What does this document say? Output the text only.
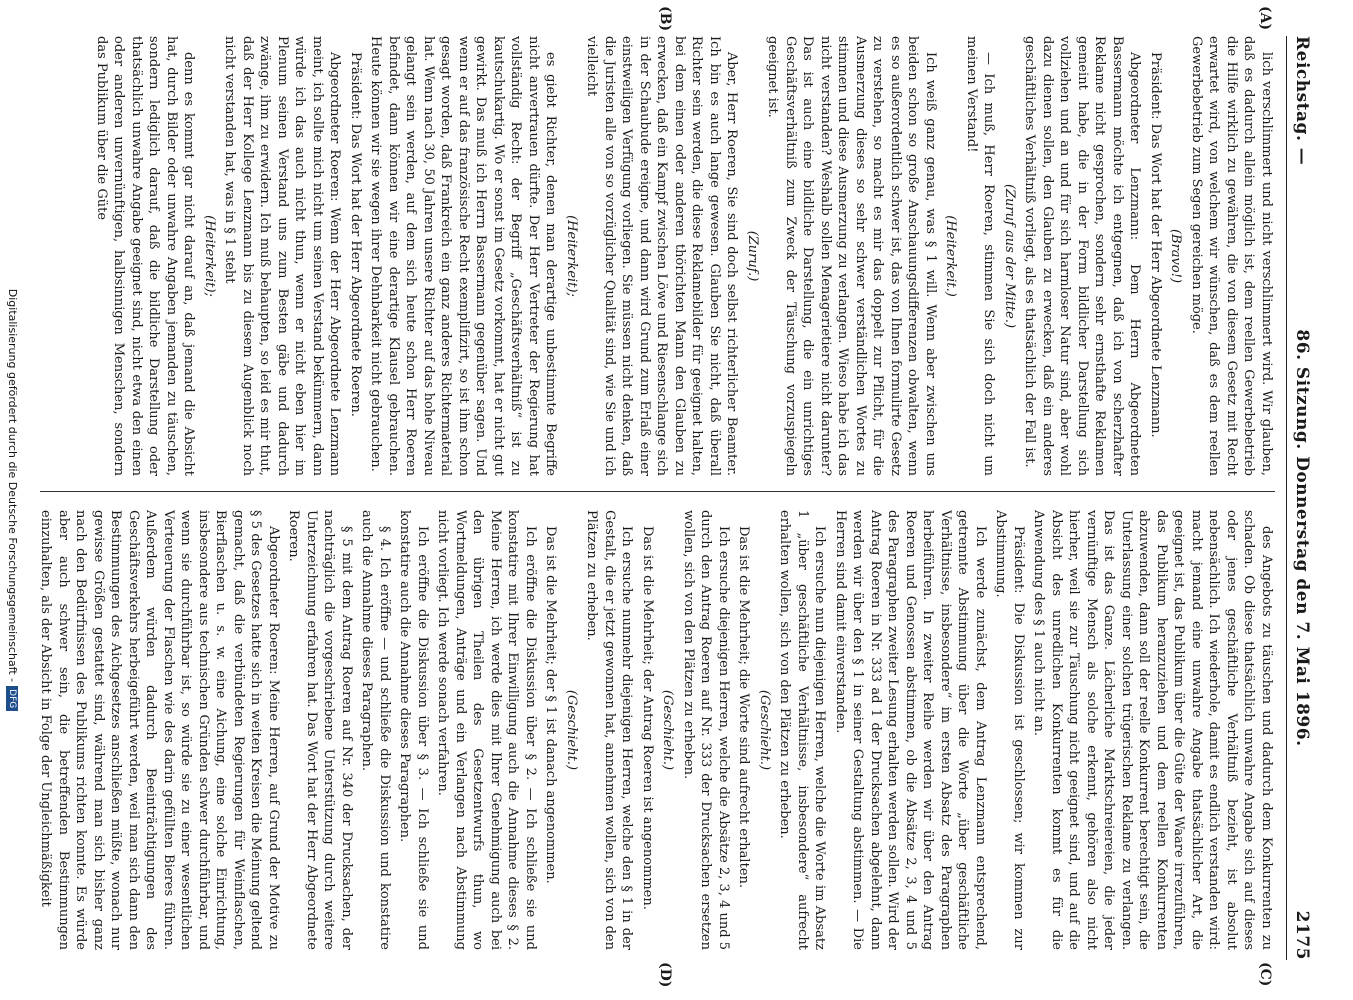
Reichstag. —
86. Sitzung. Donnerstag den 7. Mai 1896.
2175
(A)
(B)
(C)
(D)

lich verschlimmert und nicht verschlimmert wird. Wir glauben, daß es dadurch allein möglich ist, dem reellen Gewerbebetrieb die Hilfe wirklich zu gewähren, die von diesem Gesetz mit Recht erwartet wird, von welchem wir wünschen, daß es dem reellen Gewerbebetrieb zum Segen gereichen möge.

(Bravo!)

Präsident: Das Wort hat der Herr Abgeordnete Lenzmann.

Abgeordneter Lenzmann: Dem Herrn Abgeordneten Bassermann möchte ich entgegnen, daß ich von scherzhafter Reklame nicht gesprochen, sondern sehr ernsthafte Reklamen gemeint habe, die in der Form bildlicher Darstellung sich vollziehen und an und für sich harmloser Natur sind, aber wohl dazu dienen sollen, den Glauben zu erwecken, daß ein anderes geschäftliches Verhältniß vorliegt, als es thatsächlich der Fall ist.

(Zuruf aus der Mitte.)

— Ich muß, Herr Roeren, stimmen Sie sich doch nicht um meinen Verstand!

(Heiterkeit.)

Ich weiß ganz genau, was § 1 will. Wenn aber zwischen uns beiden schon so große Anschauungsdifferenzen obwalten, wenn es so außerordentlich schwer ist, das von Ihnen formulirte Gesetz zu verstehen, so macht es mir das doppelt zur Pflicht, für die Ausmerzung dieses so sehr schwer verständlichen Wortes zu stimmen und diese Ausmerzung zu verlangen. Wieso habe ich das nicht verstanden? Weshalb sollen Menagerietiere nicht darunter? Das ist auch eine bildliche Darstellung, die ein unrichtiges Geschäftsverhältniß zum Zweck der Täuschung vorzuspiegeln geeignet ist.

(Zuruf.)

Aber, Herr Roeren, Sie sind doch selbst richterlicher Beamter. Ich bin es auch lange gewesen. Glauben Sie nicht, daß überall Richter sein werden, die diese Reklamebilder für geeignet halten, bei dem einen oder anderen thörichten Mann den Glauben zu erwecken, daß ein Kampf zwischen Löwe und Riesenschlange sich in der Schaubude ereigne, und dann wird Grund zum Erlaß einer einstweiligen Verfügung vorliegen. Sie müssen nicht denken, daß die Juristen alle von so vorzüglicher Qualität sind, wie Sie und ich vielleicht

(Heiterkeit);

es giebt Richter, denen man derartige unbestimmte Begriffe nicht anvertrauen dürfte. Der Herr Vertreter der Regierung hat vollständig Recht: der Begriff „Geschäftsverhältniß“ ist zu kautschukartig. Wo er sonst im Gesetz vorkommt, hat er nicht gut gewirkt. Das muß ich Herrn Bassermann gegenüber sagen. Und wenn er auf das französische Recht exemplifizirt, so ist ihm schon gesagt worden, daß Frankreich ein ganz anderes Richtermaterial hat. Wenn nach 30, 50 Jahren unsere Richter auf das hohe Niveau gelangt sein werden, auf dem sich heute schon Herr Roeren befindet, dann können wir eine derartige Klausel gebrauchen. Heute können wir sie wegen ihrer Dehnbarkeit nicht gebrauchen.

Präsident: Das Wort hat der Herr Abgeordnete Roeren.

Abgeordneter Roeren: Wenn der Herr Abgeordnete Lenzmann meint, ich sollte mich nicht um seinen Verstand bekümmern, dann würde ich das auch nicht thun, wenn er nicht eben hier im Plenum seinen Verstand uns zum Besten gäbe und dadurch zwänge, ihm zu erwidern. Ich muß behaupten, so leid es mir thut, daß der Herr Kollege Lenzmann bis zu diesem Augenblick noch nicht verstanden hat, was in § 1 steht

(Heiterkeit);

denn es kommt gar nicht darauf an, daß jemand die Absicht hat, durch Bilder oder unwahre Angaben jemanden zu täuschen, sondern lediglich darauf, daß die bildliche Darstellung oder thatsächlich unwahre Angabe geeignet sind, nicht etwa den einen oder anderen unvernünftigen, halbsinnigen Menschen, sondern das Publikum über die Güte

des Angebots zu täuschen und dadurch dem Konkurrenten zu schaden. Ob diese thatsächlich unwahre Angabe sich auf dieses oder jenes geschäftliche Verhältniß bezieht, ist absolut nebensächlich. Ich wiederhole, damit es endlich verstanden wird: macht jemand eine unwahre Angabe thatsächlicher Art, die geeignet ist, das Publikum über die Güte der Waare irrezuführen, das Publikum heranzuziehen und dem reellen Konkurrenten abzuwenden, dann soll der reelle Konkurrent berechtigt sein, die Unterlassung einer solchen trügerischen Reklame zu verlangen. Das ist das Ganze. Lächerliche Marktschreiereien, die jeder vernünftige Mensch als solche erkennt, gehören also nicht hierher, weil sie zur Täuschung nicht geeignet sind, und auf die Absicht des unredlichen Konkurrenten kommt es für die Anwendung des § 1 auch nicht an.

Präsident: Die Diskussion ist geschlossen; wir kommen zur Abstimmung.

Ich werde zunächst, dem Antrag Lenzmann entsprechend, getrennte Abstimmung über die Worte „über geschäftliche Verhältnisse, insbesondere“ im ersten Absatz des Paragraphen herbeiführen. In zweiter Reihe werden wir über den Antrag Roeren und Genossen abstimmen, ob die Absätze 2, 3, 4 und 5 des Paragraphen zweiter Lesung erhalten werden sollen. Wird der Antrag Roeren in Nr. 333 ad 1 der Drucksachen abgelehnt, dann werden wir über den § 1 in seiner Gestaltung abstimmen. — Die Herren sind damit einverstanden.

Ich ersuche nun diejenigen Herren, welche die Worte im Absatz 1 „über geschäftliche Verhältnisse, insbesondere“ aufrecht erhalten wollen, sich von den Plätzen zu erheben.

(Geschieht.)

Das ist die Mehrheit; die Worte sind aufrecht erhalten.

Ich ersuche diejenigen Herren, welche die Absätze 2, 3, 4 und 5 durch den Antrag Roeren auf Nr. 333 der Drucksachen ersetzen wollen, sich von den Plätzen zu erheben.

(Geschieht.)

Das ist die Mehrheit; der Antrag Roeren ist angenommen.

Ich ersuche nunmehr diejenigen Herren, welche den § 1 in der Gestalt, die er jetzt gewonnen hat, annehmen wollen, sich von den Plätzen zu erheben.

(Geschieht.)

Das ist die Mehrheit; der § 1 ist danach angenommen.

Ich eröffne die Diskussion über § 2. — Ich schließe sie und konstatire mit Ihrer Einwilligung auch die Annahme dieses § 2. Meine Herren, ich werde dies mit Ihrer Genehmigung auch bei den übrigen Theilen des Gesetzentwurfs thun, wo Wortmeldungen, Anträge und ein Verlangen nach Abstimmung nicht vorliegt. Ich werde sonach verfahren.

Ich eröffne die Diskussion über § 3. — Ich schließe sie und konstatire auch die Annahme dieses Paragraphen.

§ 4. Ich eröffne — und schließe die Diskussion und konstatire auch die Annahme dieses Paragraphen.

§ 5 mit dem Antrag Roeren auf Nr. 340 der Drucksachen, der nachträglich die vorgeschriebene Unterstützung durch weitere Unterzeichnung erfahren hat. Das Wort hat der Herr Abgeordnete Roeren.

Abgeordneter Roeren: Meine Herren, auf Grund der Motive zu § 5 des Gesetzes hatte sich in weiten Kreisen die Meinung geltend gemacht, daß die verbündeten Regierungen für Weinflaschen, Bierflaschen u. s. w. eine Aichung, eine solche Einrichtung, insbesondere aus technischen Gründen schwer durchführbar, und wenn sie durchführbar ist, so würde sie zu einer wesentlichen Verteuerung der Flaschen wie des darin gefüllten Bieres führen. Außerdem würden dadurch Beeinträchtigungen des Geschäftsverkehrs herbeigeführt werden, weil man sich dann den Bestimmungen des Aichgesetzes anschließen müßte, wonach nur gewisse Größen gestattet sind, während man sich bisher ganz nach den Bedürfnissen des Publikums richten konnte. Es würde aber auch schwer sein, die betreffenden Bestimmungen einzuhalten, als der Absicht in Folge der Ungleichmäßigkeit

Digitalisierung gefördert durch die Deutsche Forschungsgemeinschaft -DFG
